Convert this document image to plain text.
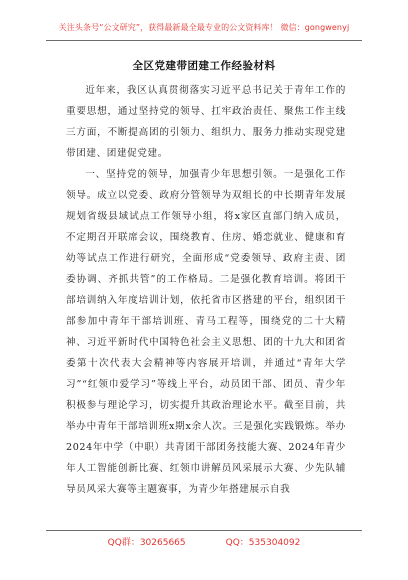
关注头条号“公文研究”，获得最新最全最专业的公文资料库！ 微信：gongwenyj
全区党建带团建工作经验材料

近年来，我区认真贯彻落实习近平总书记关于青年工作的重要思想，通过坚持党的领导、扛牢政治责任、聚焦工作主线三方面，不断提高团的引领力、组织力、服务力推动实现党建带团建、团建促党建。

一、坚持党的领导，加强青少年思想引领。一是强化工作领导。成立以党委、政府分管领导为双组长的中长期青年发展规划省级县域试点工作领导小组，将x家区直部门纳入成员，不定期召开联席会议，围绕教育、住房、婚恋就业、健康和育幼等试点工作进行研究，全面形成“党委领导、政府主责、团委协调、齐抓共管”的工作格局。二是强化教育培训。将团干部培训纳入年度培训计划，依托省市区搭建的平台，组织团干部参加中青年干部培训班、青马工程等，围绕党的二十大精神、习近平新时代中国特色社会主义思想、团的十九大和团省委第十次代表大会精神等内容展开培训，并通过“青年大学习”“红领巾爱学习”等线上平台，动员团干部、团员、青少年积极参与理论学习，切实提升其政治理论水平。截至目前，共举办中青年干部培训班x期x余人次。三是强化实践锻炼。举办2024年中学（中职）共青团干部团务技能大赛、2024年青少年人工智能创新比赛、红领巾讲解员风采展示大赛、少先队辅导员风采大赛等主题赛事，为青少年搭建展示自我

QQ群：30265665	QQ：535304092
